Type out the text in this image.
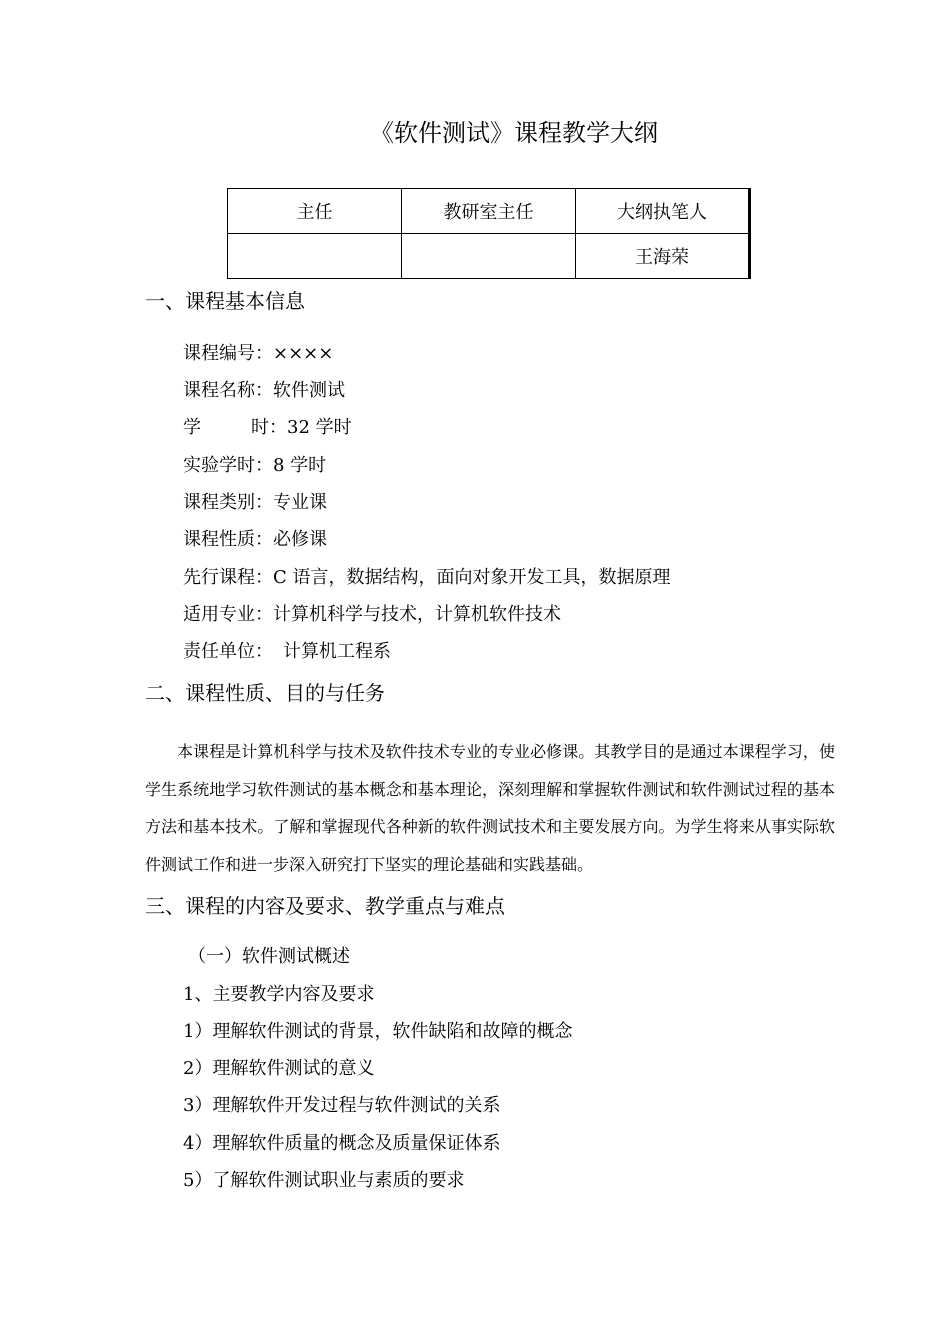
《软件测试》课程教学大纲
主任	教研室主任	大纲执笔人
		王海荣
一、课程基本信息
课程编号：××××
课程名称：软件测试
学	时：32 学时
实验学时：8 学时
课程类别：专业课
课程性质：必修课
先行课程：C 语言，数据结构，面向对象开发工具，数据原理
适用专业：计算机科学与技术，计算机软件技术
责任单位： 计算机工程系
二、课程性质、目的与任务
本课程是计算机科学与技术及软件技术专业的专业必修课。其教学目的是通过本课程学习，使学生系统地学习软件测试的基本概念和基本理论，深刻理解和掌握软件测试和软件测试过程的基本方法和基本技术。了解和掌握现代各种新的软件测试技术和主要发展方向。为学生将来从事实际软件测试工作和进一步深入研究打下坚实的理论基础和实践基础。
三、课程的内容及要求、教学重点与难点
（一）软件测试概述
1、主要教学内容及要求
1）理解软件测试的背景，软件缺陷和故障的概念
2）理解软件测试的意义
3）理解软件开发过程与软件测试的关系
4）理解软件质量的概念及质量保证体系
5）了解软件测试职业与素质的要求
